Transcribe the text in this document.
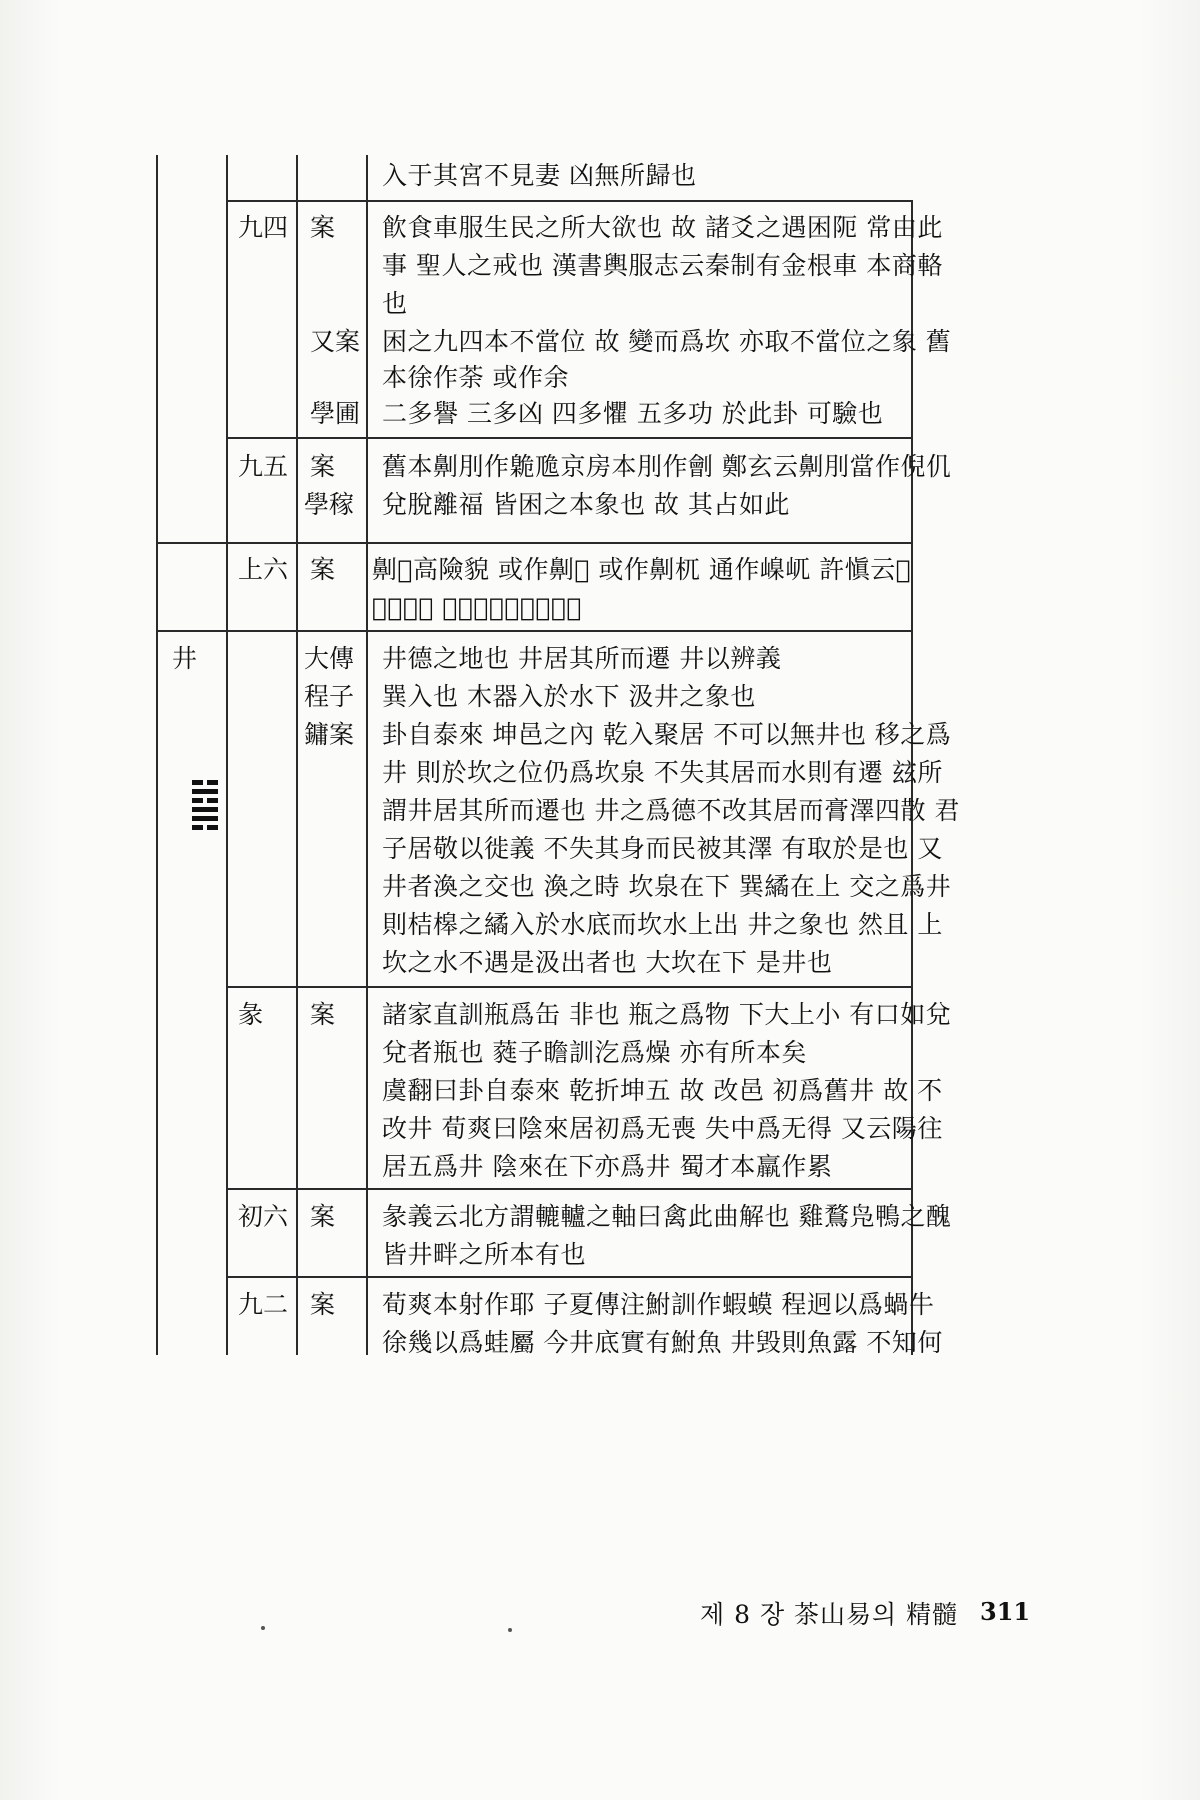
入于其宮不見妻 凶無所歸也
九四 案
又案
學圃
飮食車服生民之所大欲也 故 諸爻之遇困阨 常由此
事 聖人之戒也 漢書輿服志云秦制有金根車 本商輅
也
困之九四本不當位 故 變而爲坎 亦取不當位之象 舊
本徐作荼 或作余
二多譽 三多凶 四多懼 五多功 於此卦 可驗也
九五 案
學稼
舊本劓刖作臲卼京房本刖作劊 鄭玄云劓刖當作倪仉
兌脫離福 皆困之本象也 故 其占如此
上六 案 劓𢞶高險貌 或作劓𩒋 或作劓杌 通作嵲屼 許愼云𢞶
𢞶不安也 總之爲艮山巑屼之象
井	大傳
程子
鏞案
井德之地也 井居其所而遷 井以辨義
巽入也 木器入於水下 汲井之象也
卦自泰來 坤邑之內 乾入聚居 不可以無井也 移之爲
井 則於坎之位仍爲坎泉 不失其居而水則有遷 玆所
謂井居其所而遷也 井之爲德不改其居而膏澤四散 君
子居敬以徙義 不失其身而民被其澤 有取於是也 又
井者渙之交也 渙之時 坎泉在下 巽繘在上 交之爲井
則桔槔之繘入於水底而坎水上出 井之象也 然且 上
坎之水不遇是汲出者也 大坎在下 是井也
彖 案 諸家直訓瓶爲缶 非也 瓶之爲物 下大上小 有口如兌
兌者瓶也 蕤子瞻訓汔爲燥 亦有所本矣
虞翻曰卦自泰來 乾折坤五 故 改邑 初爲舊井 故 不
改井 荀爽曰陰來居初爲无喪 失中爲无得 又云陽往
居五爲井 陰來在下亦爲井 蜀才本羸作累
初六 案 彖義云北方謂轆轤之軸曰禽此曲解也 雞鶩凫鴨之醜
皆井畔之所本有也
九二 案 荀爽本射作耶 子夏傳注鮒訓作蝦蟆 程迥以爲蝸牛
徐幾以爲蛙屬 今井底實有鮒魚 井毁則魚露 不知何
제 8 장 茶山易의 精髓 311
